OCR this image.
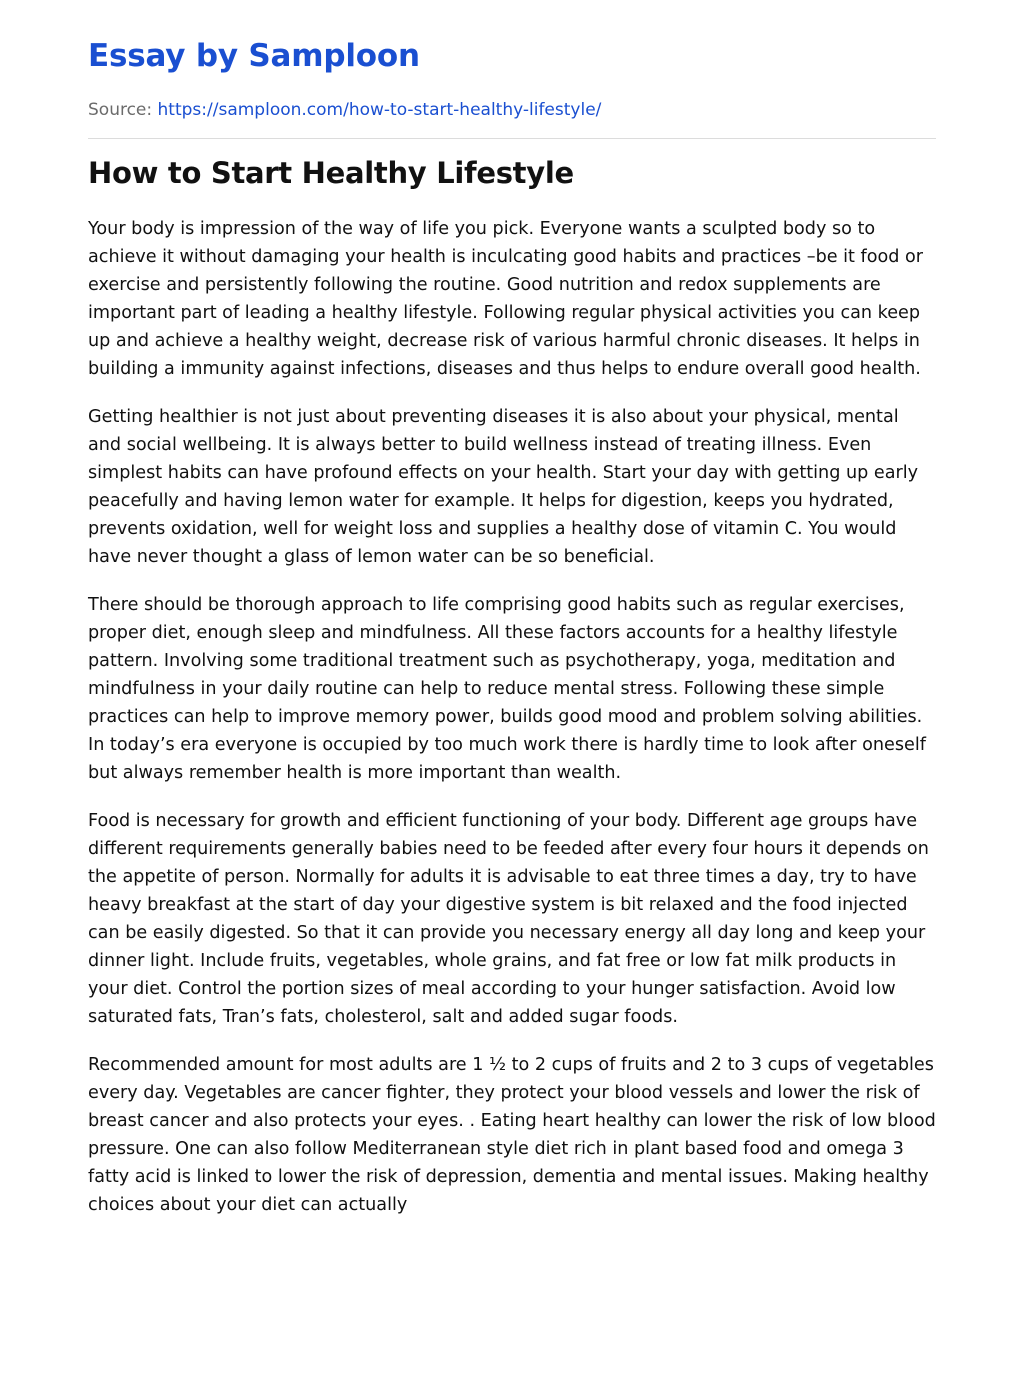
Essay by Samploon
Source: https://samploon.com/how-to-start-healthy-lifestyle/
How to Start Healthy Lifestyle

Your body is impression of the way of life you pick. Everyone wants a sculpted body so to achieve it without damaging your health is inculcating good habits and practices –be it food or exercise and persistently following the routine. Good nutrition and redox supplements are important part of leading a healthy lifestyle. Following regular physical activities you can keep up and achieve a healthy weight, decrease risk of various harmful chronic diseases. It helps in building a immunity against infections, diseases and thus helps to endure overall good health.

Getting healthier is not just about preventing diseases it is also about your physical, mental and social wellbeing. It is always better to build wellness instead of treating illness. Even simplest habits can have profound effects on your health. Start your day with getting up early peacefully and having lemon water for example. It helps for digestion, keeps you hydrated, prevents oxidation, well for weight loss and supplies a healthy dose of vitamin C. You would have never thought a glass of lemon water can be so beneficial.

There should be thorough approach to life comprising good habits such as regular exercises, proper diet, enough sleep and mindfulness. All these factors accounts for a healthy lifestyle pattern. Involving some traditional treatment such as psychotherapy, yoga, meditation and mindfulness in your daily routine can help to reduce mental stress. Following these simple practices can help to improve memory power, builds good mood and problem solving abilities. In today’s era everyone is occupied by too much work there is hardly time to look after oneself but always remember health is more important than wealth.

Food is necessary for growth and efficient functioning of your body. Different age groups have different requirements generally babies need to be feeded after every four hours it depends on the appetite of person. Normally for adults it is advisable to eat three times a day, try to have heavy breakfast at the start of day your digestive system is bit relaxed and the food injected can be easily digested. So that it can provide you necessary energy all day long and keep your dinner light. Include fruits, vegetables, whole grains, and fat free or low fat milk products in your diet. Control the portion sizes of meal according to your hunger satisfaction. Avoid low saturated fats, Tran’s fats, cholesterol, salt and added sugar foods.

Recommended amount for most adults are 1 ½ to 2 cups of fruits and 2 to 3 cups of vegetables every day. Vegetables are cancer fighter, they protect your blood vessels and lower the risk of breast cancer and also protects your eyes. . Eating heart healthy can lower the risk of low blood pressure. One can also follow Mediterranean style diet rich in plant based food and omega 3 fatty acid is linked to lower the risk of depression, dementia and mental issues. Making healthy choices about your diet can actually
